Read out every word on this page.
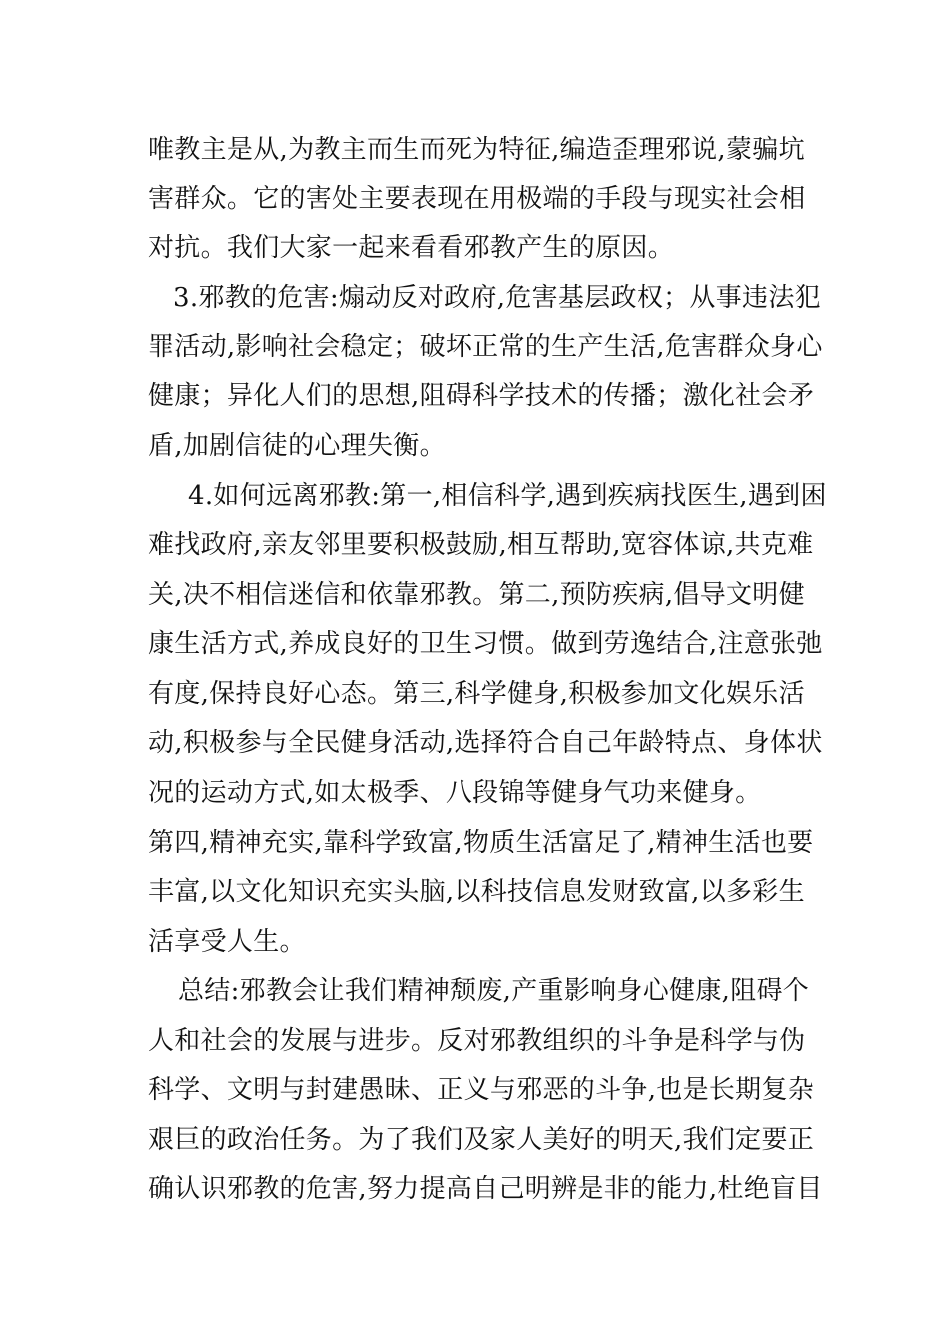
唯教主是从,为教主而生而死为特征,编造歪理邪说,蒙骗坑
害群众。它的害处主要表现在用极端的手段与现实社会相
对抗。我们大家一起来看看邪教产生的原因。
3.邪教的危害:煽动反对政府,危害基层政权；从事违法犯
罪活动,影响社会稳定；破坏正常的生产生活,危害群众身心
健康；异化人们的思想,阻碍科学技术的传播；激化社会矛
盾,加剧信徒的心理失衡。
4.如何远离邪教:第一,相信科学,遇到疾病找医生,遇到困
难找政府,亲友邻里要积极鼓励,相互帮助,宽容体谅,共克难
关,决不相信迷信和依靠邪教。第二,预防疾病,倡导文明健
康生活方式,养成良好的卫生习惯。做到劳逸结合,注意张弛
有度,保持良好心态。第三,科学健身,积极参加文化娱乐活
动,积极参与全民健身活动,选择符合自己年龄特点、身体状
况的运动方式,如太极季、八段锦等健身气功来健身。
第四,精神充实,靠科学致富,物质生活富足了,精神生活也要
丰富,以文化知识充实头脑,以科技信息发财致富,以多彩生
活享受人生。
总结:邪教会让我们精神颓废,产重影响身心健康,阻碍个
人和社会的发展与进步。反对邪教组织的斗争是科学与伪
科学、文明与封建愚昧、正义与邪恶的斗争,也是长期复杂
艰巨的政治任务。为了我们及家人美好的明天,我们定要正
确认识邪教的危害,努力提高自己明辨是非的能力,杜绝盲目
